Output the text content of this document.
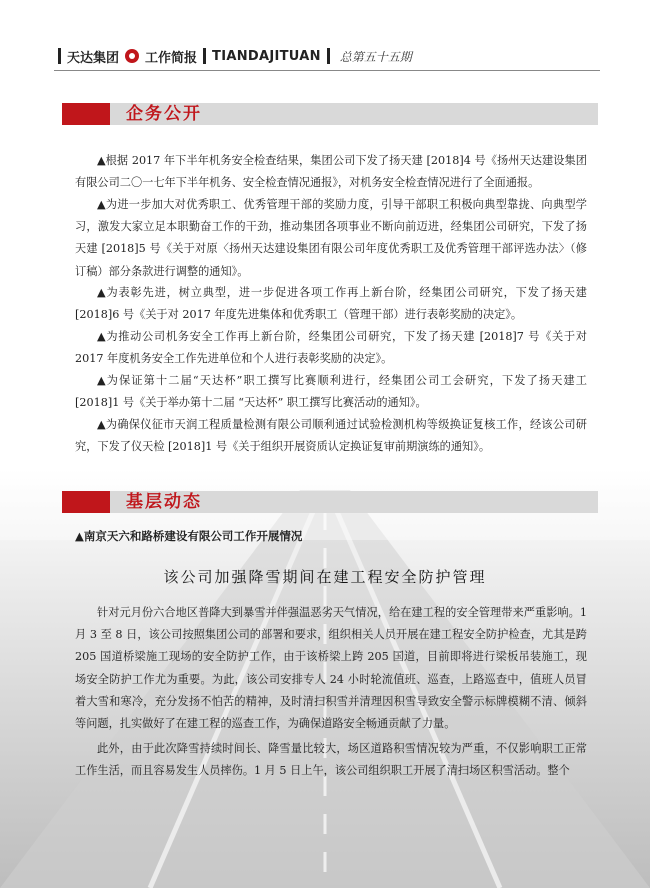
天达集团 工作简报 TIANDAJITUAN 总第五十五期
企务公开

▲根据 2017 年下半年机务安全检查结果，集团公司下发了扬天建 [2018]4 号《扬州天达建设集团有限公司二〇一七年下半年机务、安全检查情况通报》，对机务安全检查情况进行了全面通报。

▲为进一步加大对优秀职工、优秀管理干部的奖励力度，引导干部职工积极向典型靠拢、向典型学习，激发大家立足本职勤奋工作的干劲，推动集团各项事业不断向前迈进，经集团公司研究，下发了扬天建 [2018]5 号《关于对原〈扬州天达建设集团有限公司年度优秀职工及优秀管理干部评选办法〉（修订稿）部分条款进行调整的通知》。

▲为表彰先进，树立典型，进一步促进各项工作再上新台阶，经集团公司研究，下发了扬天建 [2018]6 号《关于对 2017 年度先进集体和优秀职工（管理干部）进行表彰奖励的决定》。

▲为推动公司机务安全工作再上新台阶，经集团公司研究，下发了扬天建 [2018]7 号《关于对 2017 年度机务安全工作先进单位和个人进行表彰奖励的决定》。

▲为保证第十二届“天达杯”职工撰写比赛顺利进行，经集团公司工会研究，下发了扬天建工 [2018]1 号《关于举办第十二届 “天达杯” 职工撰写比赛活动的通知》。

▲为确保仪征市天润工程质量检测有限公司顺利通过试验检测机构等级换证复核工作，经该公司研究，下发了仪天检 [2018]1 号《关于组织开展资质认定换证复审前期演练的通知》。

基层动态
▲南京天六和路桥建设有限公司工作开展情况
该公司加强降雪期间在建工程安全防护管理

针对元月份六合地区普降大到暴雪并伴强温恶劣天气情况，给在建工程的安全管理带来严重影响。1 月 3 至 8 日，该公司按照集团公司的部署和要求，组织相关人员开展在建工程安全防护检查，尤其是跨 205 国道桥梁施工现场的安全防护工作，由于该桥梁上跨 205 国道，目前即将进行梁板吊装施工，现场安全防护工作尤为重要。为此，该公司安排专人 24 小时轮流值班、巡查，上路巡查中，值班人员冒着大雪和寒冷，充分发扬不怕苦的精神，及时清扫积雪并清理因积雪导致安全警示标牌模糊不清、倾斜等问题，扎实做好了在建工程的巡查工作，为确保道路安全畅通贡献了力量。

此外，由于此次降雪持续时间长、降雪量比较大，场区道路积雪情况较为严重，不仅影响职工正常工作生活，而且容易发生人员摔伤。1 月 5 日上午，该公司组织职工开展了清扫场区积雪活动。整个
